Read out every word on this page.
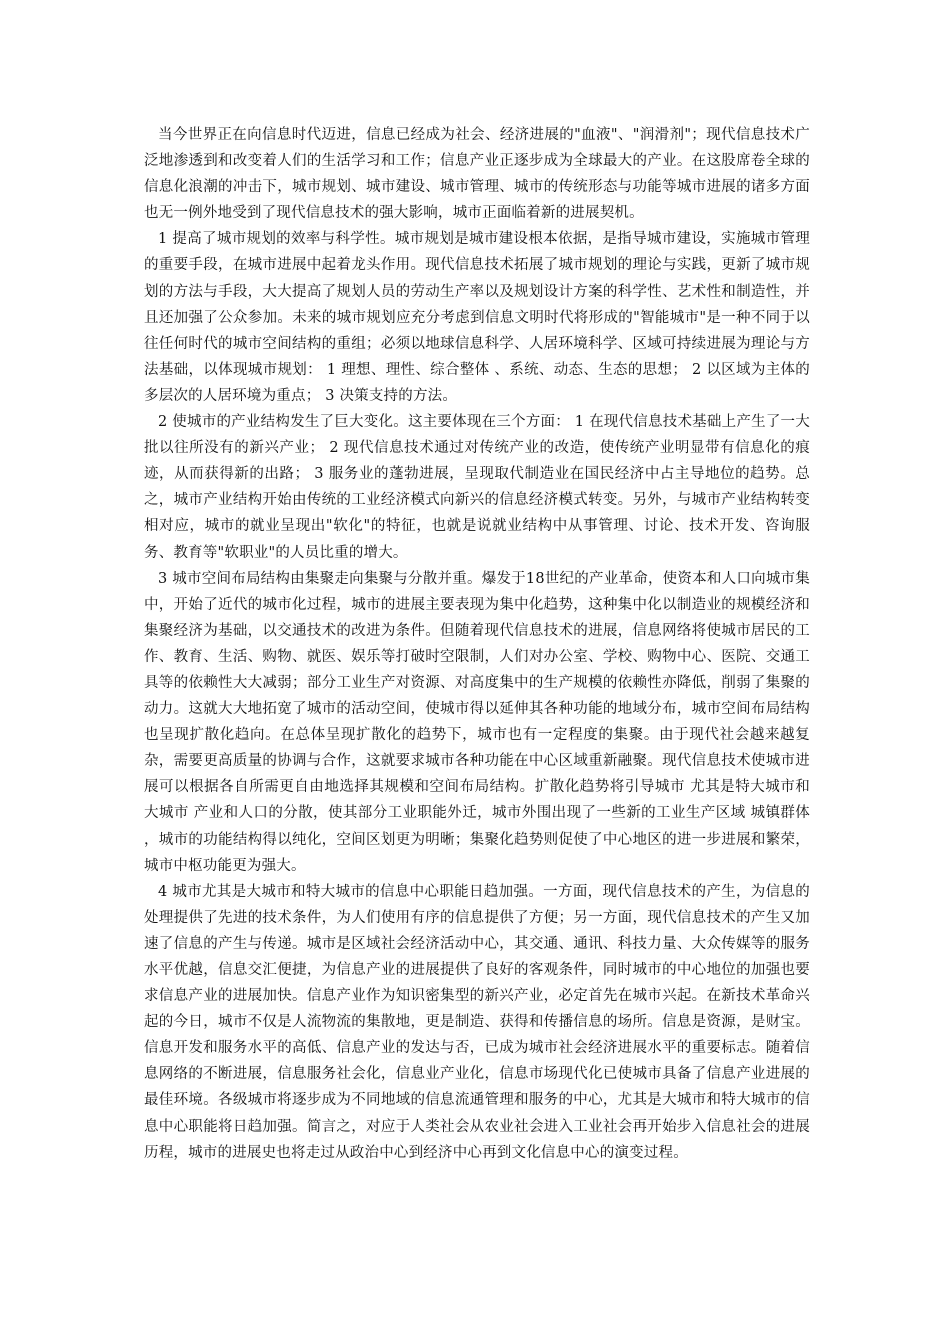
当今世界正在向信息时代迈进，信息已经成为社会、经济进展的"血液"、"润滑剂"；现代信息技术广泛地渗透到和改变着人们的生活学习和工作；信息产业正逐步成为全球最大的产业。在这股席卷全球的信息化浪潮的冲击下，城市规划、城市建设、城市管理、城市的传统形态与功能等城市进展的诸多方面也无一例外地受到了现代信息技术的强大影响，城市正面临着新的进展契机。

1 提高了城市规划的效率与科学性。城市规划是城市建设根本依据，是指导城市建设，实施城市管理的重要手段，在城市进展中起着龙头作用。现代信息技术拓展了城市规划的理论与实践，更新了城市规划的方法与手段，大大提高了规划人员的劳动生产率以及规划设计方案的科学性、艺术性和制造性，并且还加强了公众参加。未来的城市规划应充分考虑到信息文明时代将形成的"智能城市"是一种不同于以往任何时代的城市空间结构的重组；必须以地球信息科学、人居环境科学、区域可持续进展为理论与方法基础，以体现城市规划： 1 理想、理性、综合整体 、系统、动态、生态的思想； 2 以区域为主体的多层次的人居环境为重点； 3 决策支持的方法。

2 使城市的产业结构发生了巨大变化。这主要体现在三个方面： 1 在现代信息技术基础上产生了一大批以往所没有的新兴产业； 2 现代信息技术通过对传统产业的改造，使传统产业明显带有信息化的痕迹，从而获得新的出路； 3 服务业的蓬勃进展，呈现取代制造业在国民经济中占主导地位的趋势。总之，城市产业结构开始由传统的工业经济模式向新兴的信息经济模式转变。另外，与城市产业结构转变相对应，城市的就业呈现出"软化"的特征，也就是说就业结构中从事管理、讨论、技术开发、咨询服务、教育等"软职业"的人员比重的增大。

3 城市空间布局结构由集聚走向集聚与分散并重。爆发于18世纪的产业革命，使资本和人口向城市集中，开始了近代的城市化过程，城市的进展主要表现为集中化趋势，这种集中化以制造业的规模经济和集聚经济为基础，以交通技术的改进为条件。但随着现代信息技术的进展，信息网络将使城市居民的工作、教育、生活、购物、就医、娱乐等打破时空限制，人们对办公室、学校、购物中心、医院、交通工具等的依赖性大大减弱；部分工业生产对资源、对高度集中的生产规模的依赖性亦降低，削弱了集聚的动力。这就大大地拓宽了城市的活动空间，使城市得以延伸其各种功能的地域分布，城市空间布局结构也呈现扩散化趋向。在总体呈现扩散化的趋势下，城市也有一定程度的集聚。由于现代社会越来越复杂，需要更高质量的协调与合作，这就要求城市各种功能在中心区域重新融聚。现代信息技术使城市进展可以根据各自所需更自由地选择其规模和空间布局结构。扩散化趋势将引导城市 尤其是特大城市和大城市 产业和人口的分散，使其部分工业职能外迁，城市外围出现了一些新的工业生产区域 城镇群体 ，城市的功能结构得以纯化，空间区划更为明晰；集聚化趋势则促使了中心地区的进一步进展和繁荣，城市中枢功能更为强大。

4 城市尤其是大城市和特大城市的信息中心职能日趋加强。一方面，现代信息技术的产生，为信息的处理提供了先进的技术条件，为人们使用有序的信息提供了方便；另一方面，现代信息技术的产生又加速了信息的产生与传递。城市是区域社会经济活动中心，其交通、通讯、科技力量、大众传媒等的服务水平优越，信息交汇便捷，为信息产业的进展提供了良好的客观条件，同时城市的中心地位的加强也要求信息产业的进展加快。信息产业作为知识密集型的新兴产业，必定首先在城市兴起。在新技术革命兴起的今日，城市不仅是人流物流的集散地，更是制造、获得和传播信息的场所。信息是资源，是财宝。信息开发和服务水平的高低、信息产业的发达与否，已成为城市社会经济进展水平的重要标志。随着信息网络的不断进展，信息服务社会化，信息业产业化，信息市场现代化已使城市具备了信息产业进展的最佳环境。各级城市将逐步成为不同地域的信息流通管理和服务的中心，尤其是大城市和特大城市的信息中心职能将日趋加强。简言之，对应于人类社会从农业社会进入工业社会再开始步入信息社会的进展历程，城市的进展史也将走过从政治中心到经济中心再到文化信息中心的演变过程。
